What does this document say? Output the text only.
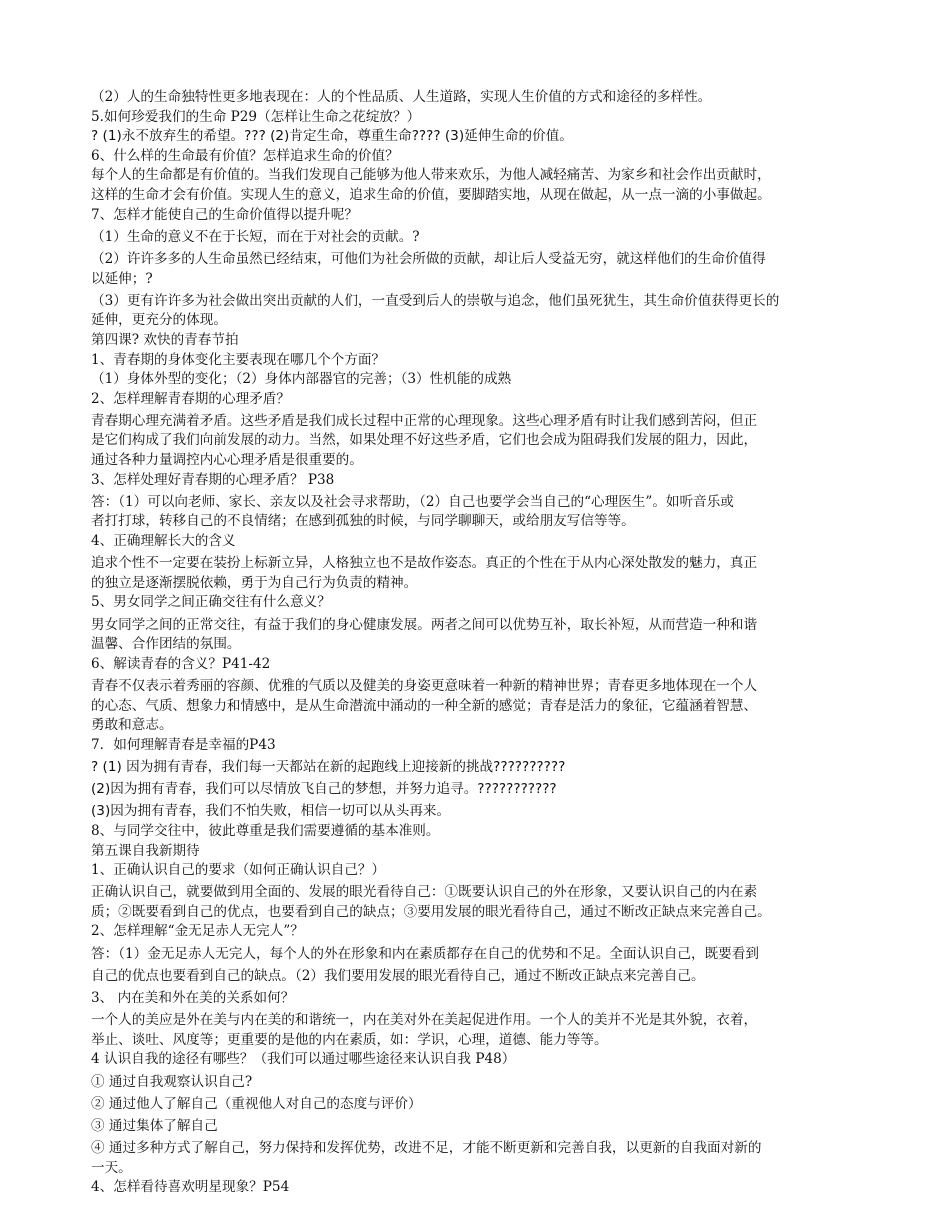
（2）人的生命独特性更多地表现在：人的个性品质、人生道路，实现人生价值的方式和途径的多样性。
5.如何珍爱我们的生命 P29（怎样让生命之花绽放？）
? (1)永不放弃生的希望。??? (2)肯定生命，尊重生命???? (3)延伸生命的价值。
6、什么样的生命最有价值？怎样追求生命的价值？
每个人的生命都是有价值的。当我们发现自己能够为他人带来欢乐，为他人减轻痛苦、为家乡和社会作出贡献时，
这样的生命才会有价值。实现人生的意义，追求生命的价值，要脚踏实地，从现在做起，从一点一滴的小事做起。
7、怎样才能使自己的生命价值得以提升呢？
（1）生命的意义不在于长短，而在于对社会的贡献。?
（2）许许多多的人生命虽然已经结束，可他们为社会所做的贡献，却让后人受益无穷，就这样他们的生命价值得
以延伸；?
（3）更有许许多为社会做出突出贡献的人们，一直受到后人的崇敬与追念，他们虽死犹生，其生命价值获得更长的
延伸，更充分的体现。
第四课? 欢快的青春节拍
1、青春期的身体变化主要表现在哪几个个方面？
（1）身体外型的变化；（2）身体内部器官的完善；（3）性机能的成熟
2、怎样理解青春期的心理矛盾？
青春期心理充满着矛盾。这些矛盾是我们成长过程中正常的心理现象。这些心理矛盾有时让我们感到苦闷，但正
是它们构成了我们向前发展的动力。当然，如果处理不好这些矛盾，它们也会成为阻碍我们发展的阻力，因此，
通过各种力量调控内心心理矛盾是很重要的。
3、怎样处理好青春期的心理矛盾？ P38
答：（1）可以向老师、家长、亲友以及社会寻求帮助，（2）自己也要学会当自己的“心理医生”。如听音乐或
者打打球，转移自己的不良情绪；在感到孤独的时候，与同学聊聊天，或给朋友写信等等。
4、正确理解长大的含义
追求个性不一定要在装扮上标新立异，人格独立也不是故作姿态。真正的个性在于从内心深处散发的魅力，真正
的独立是逐渐摆脱依赖，勇于为自己行为负责的精神。
5、男女同学之间正确交往有什么意义？
男女同学之间的正常交往，有益于我们的身心健康发展。两者之间可以优势互补，取长补短，从而营造一种和谐
温馨、合作团结的氛围。
6、解读青春的含义？P41-42
青春不仅表示着秀丽的容颜、优雅的气质以及健美的身姿更意味着一种新的精神世界；青春更多地体现在一个人
的心态、气质、想象力和情感中，是从生命潜流中涌动的一种全新的感觉；青春是活力的象征，它蕴涵着智慧、
勇敢和意志。
7．如何理解青春是幸福的P43
? (1) 因为拥有青春，我们每一天都站在新的起跑线上迎接新的挑战??????????
(2)因为拥有青春，我们可以尽情放飞自己的梦想，并努力追寻。???????????
(3)因为拥有青春，我们不怕失败，相信一切可以从头再来。
8、与同学交往中，彼此尊重是我们需要遵循的基本准则。
第五课自我新期待
1、正确认识自己的要求（如何正确认识自己？）
正确认识自己，就要做到用全面的、发展的眼光看待自己：①既要认识自己的外在形象，又要认识自己的内在素
质；②既要看到自己的优点，也要看到自己的缺点；③要用发展的眼光看待自己，通过不断改正缺点来完善自己。
2、怎样理解“金无足赤人无完人”？
答：（1）金无足赤人无完人，每个人的外在形象和内在素质都存在自己的优势和不足。全面认识自己，既要看到
自己的优点也要看到自己的缺点。（2）我们要用发展的眼光看待自己，通过不断改正缺点来完善自己。
3、 内在美和外在美的关系如何？
一个人的美应是外在美与内在美的和谐统一，内在美对外在美起促进作用。一个人的美并不光是其外貌，衣着，
举止、谈吐、风度等；更重要的是他的内在素质，如：学识，心理，道德、能力等等。
4 认识自我的途径有哪些？（我们可以通过哪些途径来认识自我 P48）
① 通过自我观察认识自己?
② 通过他人了解自己（重视他人对自己的态度与评价）
③ 通过集体了解自己
④ 通过多种方式了解自己，努力保持和发挥优势，改进不足，才能不断更新和完善自我，以更新的自我面对新的
一天。
4、怎样看待喜欢明星现象？P54
